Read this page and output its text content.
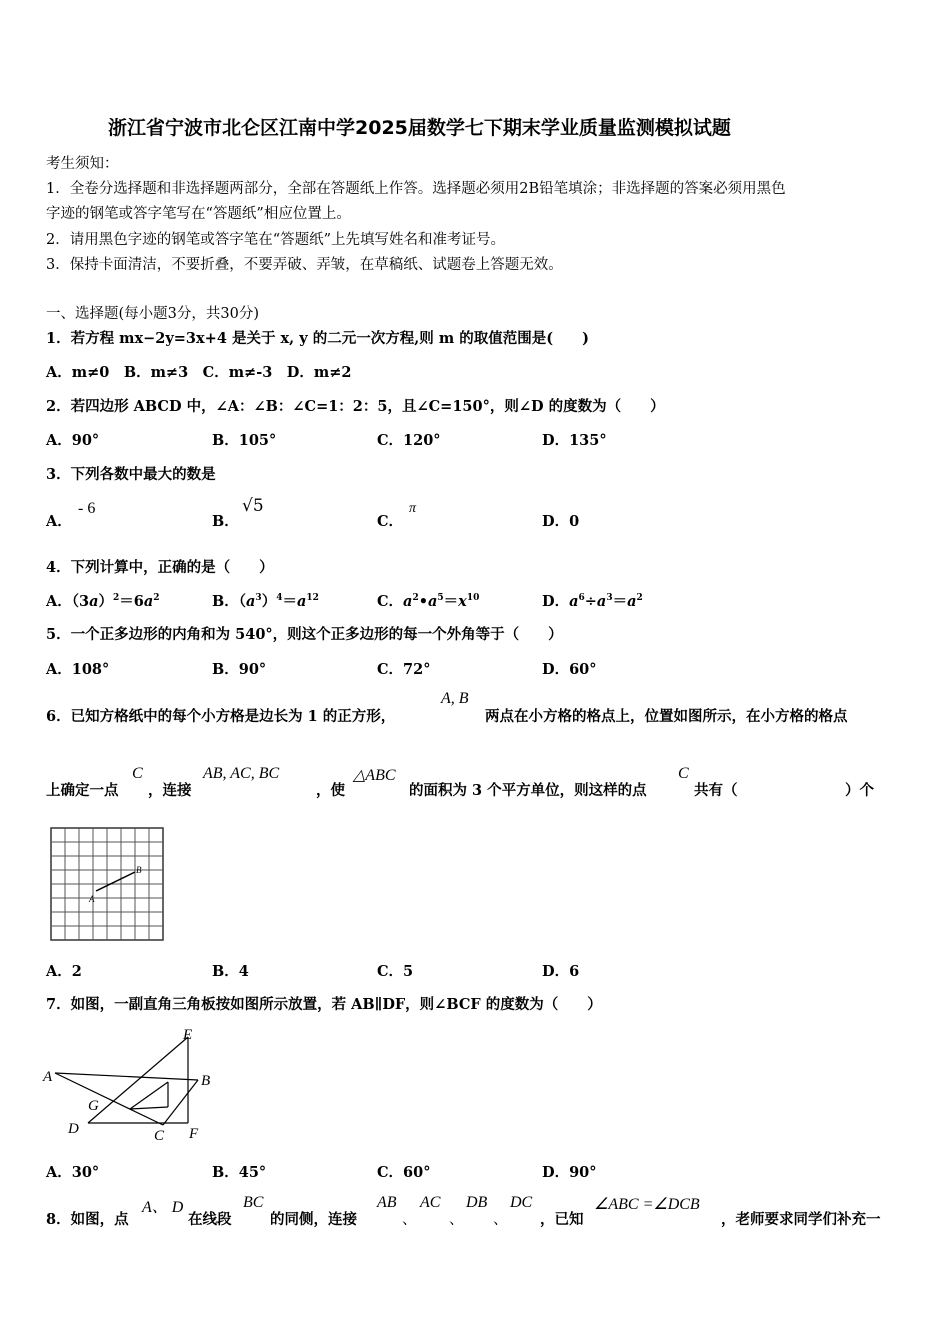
浙江省宁波市北仑区江南中学2025届数学七下期末学业质量监测模拟试题
考生须知：
1．全卷分选择题和非选择题两部分，全部在答题纸上作答。选择题必须用2B铅笔填涂；非选择题的答案必须用黑色
字迹的钢笔或答字笔写在“答题纸”相应位置上。
2．请用黑色字迹的钢笔或答字笔在“答题纸”上先填写姓名和准考证号。
3．保持卡面清洁，不要折叠，不要弄破、弄皱，在草稿纸、试题卷上答题无效。
一、选择题(每小题3分，共30分)
1．若方程 mx−2y=3x+4 是关于 x, y 的二元一次方程,则 m 的取值范围是(　　)
A．m≠0　B．m≠3　C．m≠-3　D．m≠2
2．若四边形 ABCD 中，∠A：∠B：∠C=1：2：5，且∠C=150°，则∠D 的度数为（　　）
A．90°	B．105°	C．120°	D．135°
3．下列各数中最大的数是
A．
- 6
B．
√5
C．
π
D．0
4．下列计算中，正确的是（　　）
A．$(3a)^2=6a^2$	B．$(a^3)^4=a^{12}$	C．$a^2•a^5=x^{10}$	D．$a^6\div a^3=a^2$
5．一个正多边形的内角和为 540°，则这个正多边形的每一个外角等于（　　）
A．108°	B．90°	C．72°	D．60°
6．已知方格纸中的每个小方格是边长为 1 的正方形，
A, B
两点在小方格的格点上，位置如图所示，在小方格的格点
上确定一点
C
，连接
AB, AC, BC
，使
△ABC
的面积为 3 个平方单位，则这样的点
C
共有（	）个
A
B
A．2	B．4	C．5	D．6
7．如图，一副直角三角板按如图所示放置，若 AB∥DF，则∠BCF 的度数为（　　）
A	B
C
D
E
F
G
A．30°	B．45°	C．60°	D．90°
8．如图，点
A、 D
在线段
BC
的同侧，连接
AB
、
AC
、
DB
、
DC
，已知
∠ABC =∠DCB
，老师要求同学们补充一
